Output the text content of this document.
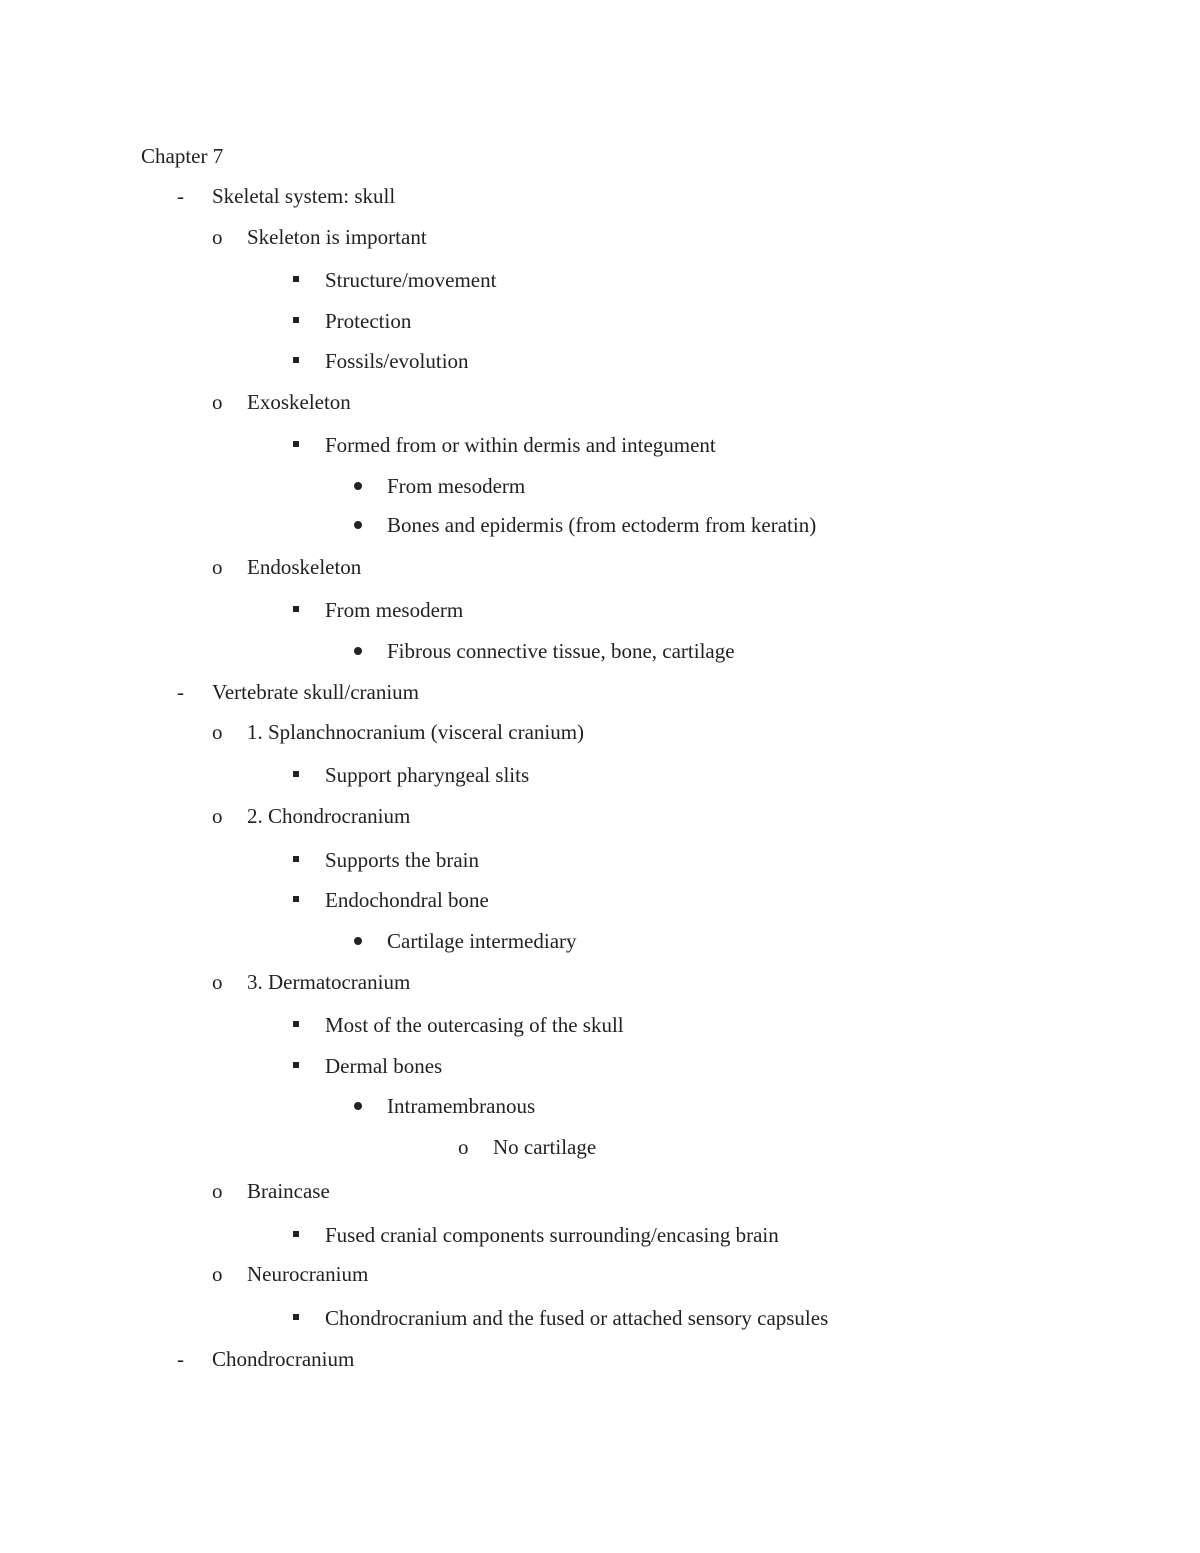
Chapter 7
- Skeletal system: skull
o Skeleton is important
Structure/movement
Protection
Fossils/evolution
o Exoskeleton
Formed from or within dermis and integument
From mesoderm
Bones and epidermis (from ectoderm from keratin)
o Endoskeleton
From mesoderm
Fibrous connective tissue, bone, cartilage
- Vertebrate skull/cranium
o 1. Splanchnocranium (visceral cranium)
Support pharyngeal slits
o 2. Chondrocranium
Supports the brain
Endochondral bone
Cartilage intermediary
o 3. Dermatocranium
Most of the outercasing of the skull
Dermal bones
Intramembranous
o No cartilage
o Braincase
Fused cranial components surrounding/encasing brain
o Neurocranium
Chondrocranium and the fused or attached sensory capsules
- Chondrocranium
